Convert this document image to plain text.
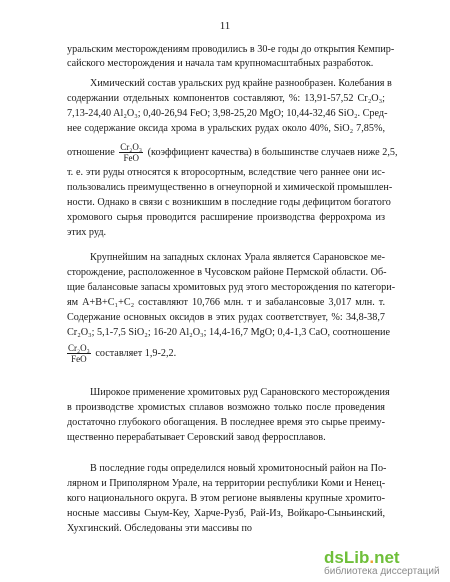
11
уральским месторождениям проводились в 30-е годы до открытия Кемпир-
сайского месторождения и начала там крупномасштабных разработок.
Химический состав уральских руд крайне разнообразен. Колебания в
содержании отдельных компонентов составляют, %: 13,91-57,52 Cr₂O₃;
7,13-24,40 Al₂O₃; 0,40-26,94 FeO; 3,98-25,20 MgO; 10,44-32,46 SiO₂. Сред-
нее содержание оксида хрома в уральских рудах около 40%, SiO₂ 7,85%,
отношение $\frac{\text{Cr₂O₃}}{\text{FeO}}$ (коэффициент качества) в большинстве случаев ниже 2,5,
т. е. эти руды относятся к второсортным, вследствие чего раннее они ис-
пользовались преимущественно в огнеупорной и химической промышлен-
ности. Однако в связи с возникшим в последние годы дефицитом богатого
хромового сырья проводится расширение производства феррохрома из
этих руд.
Крупнейшим на западных склонах Урала является Сарановское ме-
сторождение, расположенное в Чусовском районе Пермской области. Об-
щие балансовые запасы хромитовых руд этого месторождения по категори-
ям А+В+С₁+С₂ составляют 10,766 млн. т и забалансовые 3,017 млн. т.
Содержание основных оксидов в этих рудах соответствует, %: 34,8-38,7
Cr₂O₃; 5,1-7,5 SiO₂; 16-20 Al₂O₃; 14,4-16,7 MgO; 0,4-1,3 CaO, соотношение
$\frac{\text{Cr₂O₃}}{\text{FeO}}$ составляет 1,9-2,2.
Широкое применение хромитовых руд Сарановского месторождения
в производстве хромистых сплавов возможно только после проведения
достаточно глубокого обогащения. В последнее время это сырье преиму-
щественно перерабатывает Серовский завод ферросплавов.
В последние годы определился новый хромитоносный район на По-
лярном и Приполярном Урале, на территории республики Коми и Ненец-
кого национального округа. В этом регионе выявлены крупные хромито-
носные массивы Сыум-Кеу, Харче-Рузб, Рай-Из, Войкаро-Сыньинский,
Хухгинский. Обследованы эти массивы по
dsLib.net
библиотека диссертаций
